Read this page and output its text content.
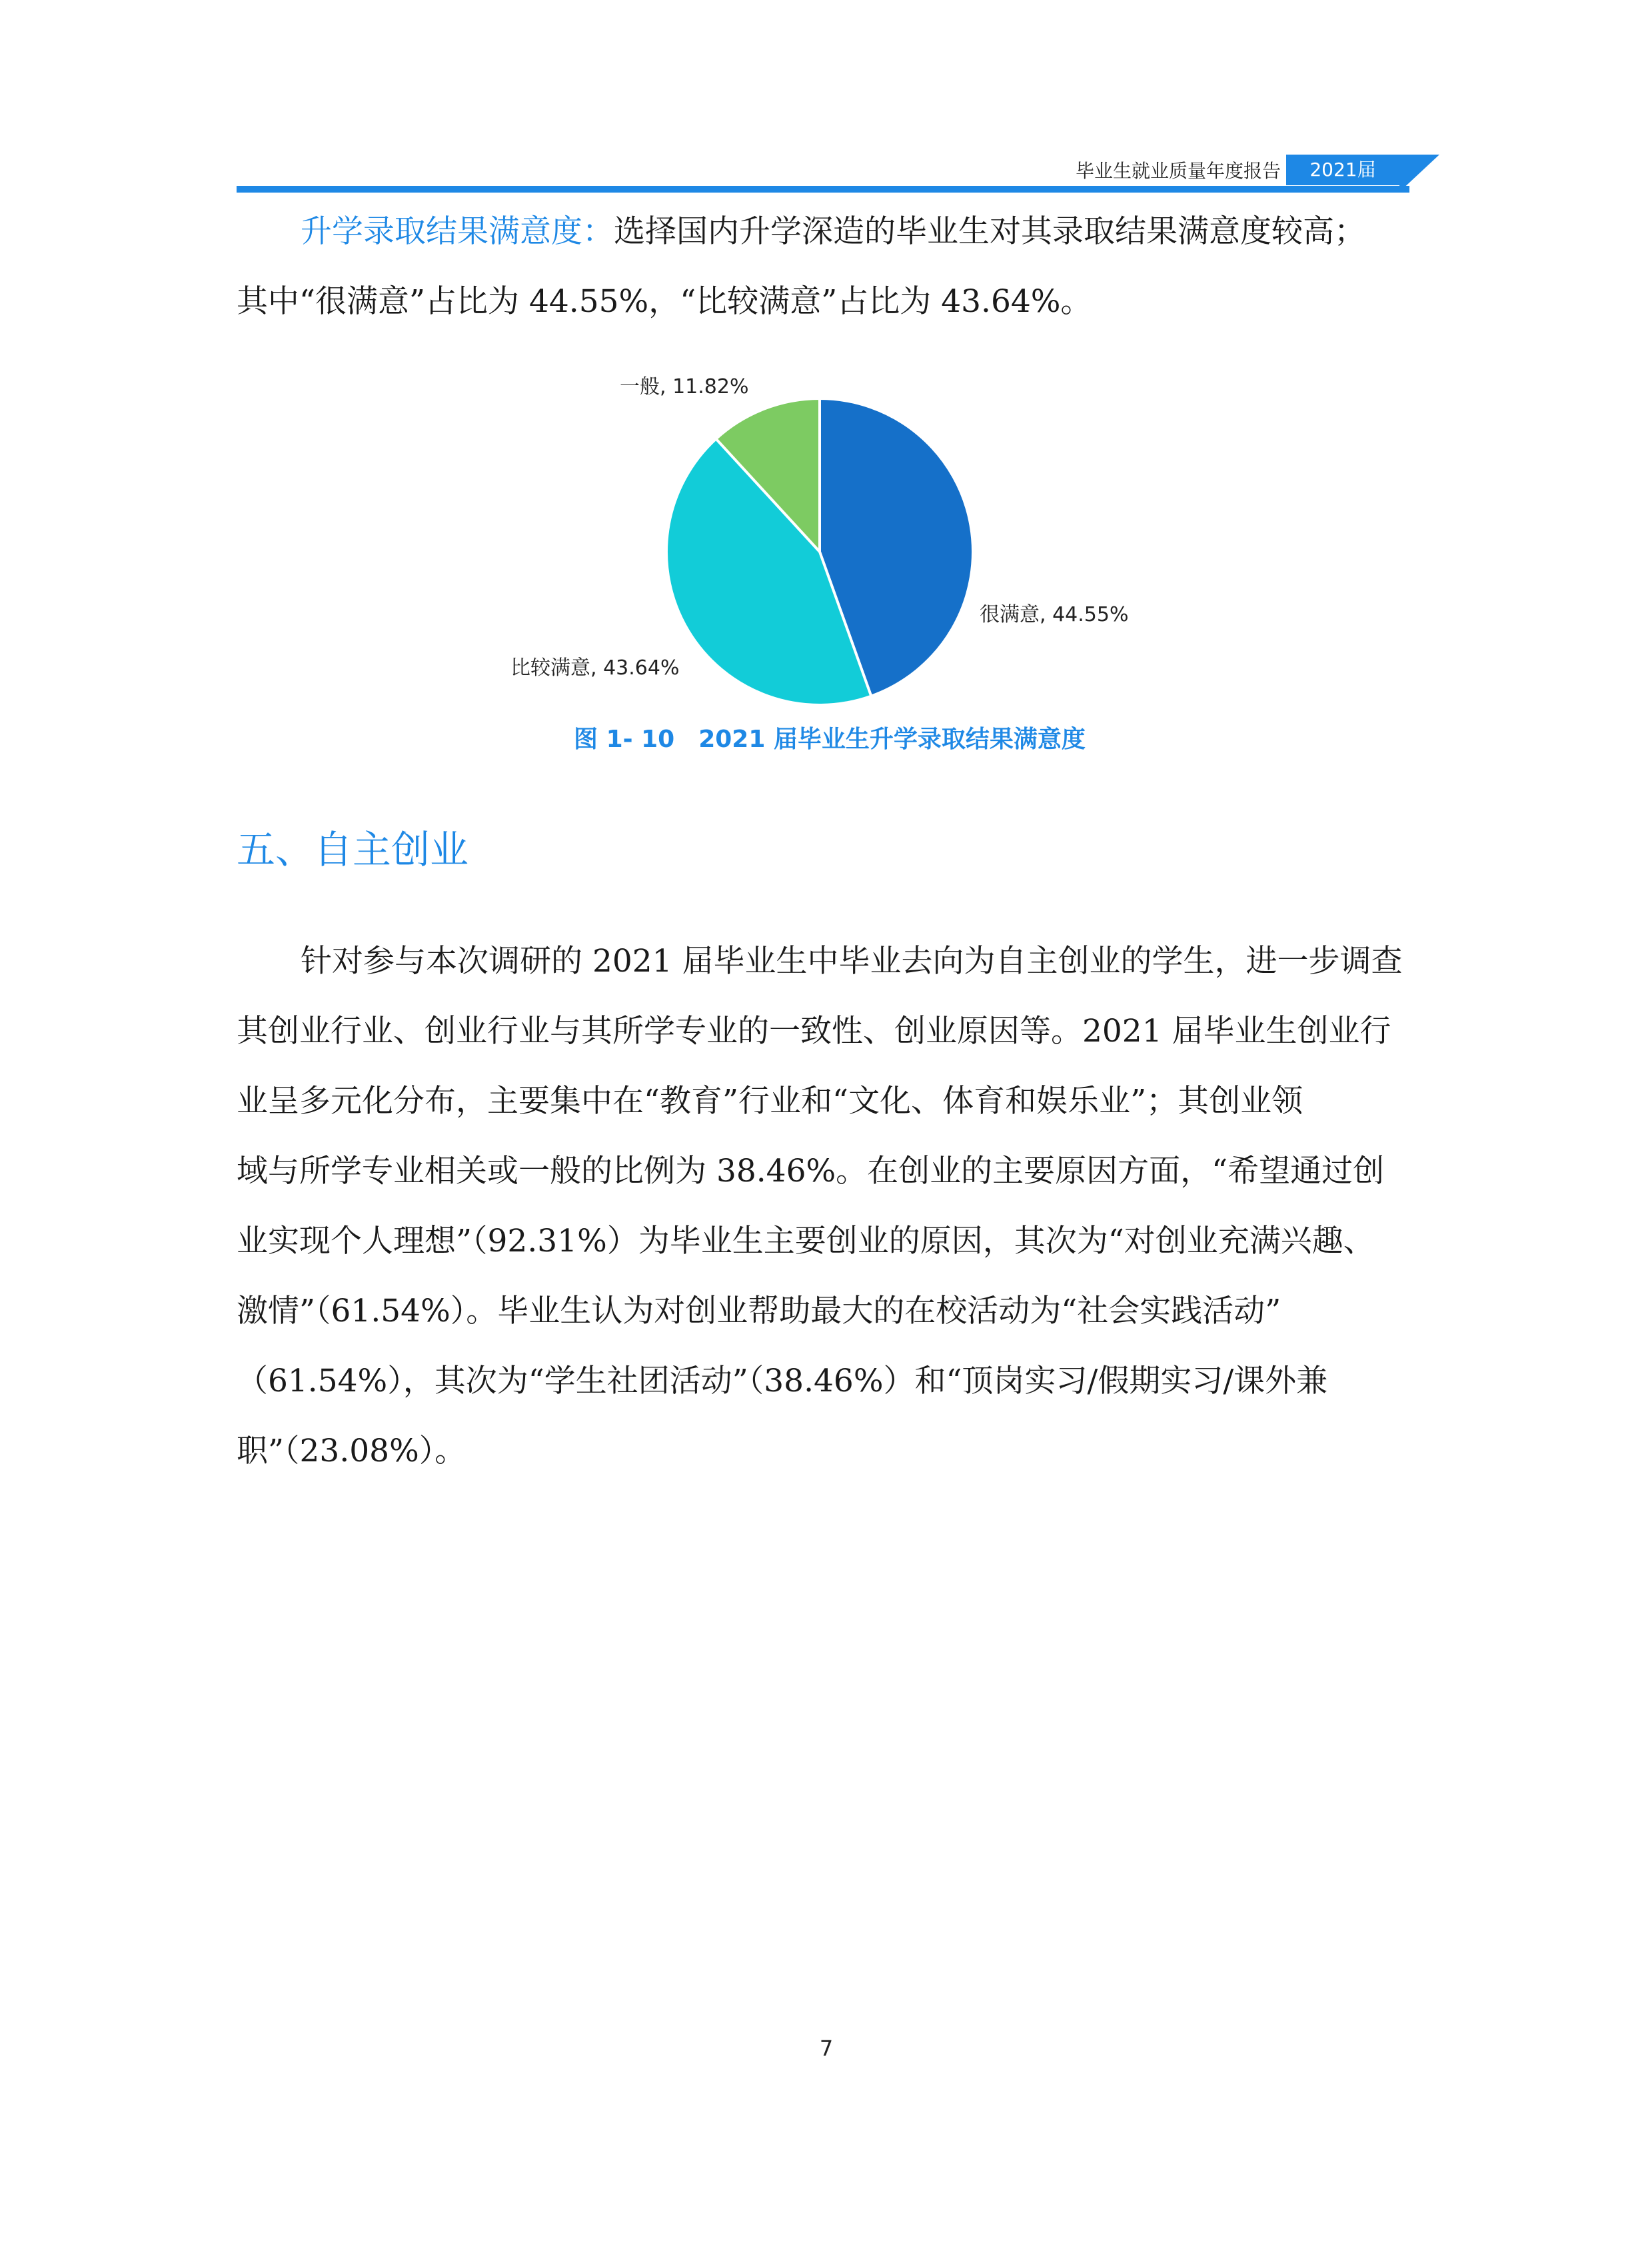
毕业生就业质量年度报告	2021届

升学录取结果满意度：选择国内升学深造的毕业生对其录取结果满意度较高；

其中“很满意”占比为 44.55%，“比较满意”占比为 43.64%。

很满意, 44.55%
比较满意, 43.64%
一般, 11.82%
图 1- 10　2021 届毕业生升学录取结果满意度
五、自主创业

针对参与本次调研的 2021 届毕业生中毕业去向为自主创业的学生，进一步调查

其创业行业、创业行业与其所学专业的一致性、创业原因等。2021 届毕业生创业行

业呈多元化分布，主要集中在“教育”行业和“文化、体育和娱乐业”；其创业领

域与所学专业相关或一般的比例为 38.46%。在创业的主要原因方面，“希望通过创

业实现个人理想”（92.31%）为毕业生主要创业的原因，其次为“对创业充满兴趣、

激情”（61.54%）。毕业生认为对创业帮助最大的在校活动为“社会实践活动”

（61.54%），其次为“学生社团活动”（38.46%）和“顶岗实习/假期实习/课外兼

职”（23.08%）。

7
